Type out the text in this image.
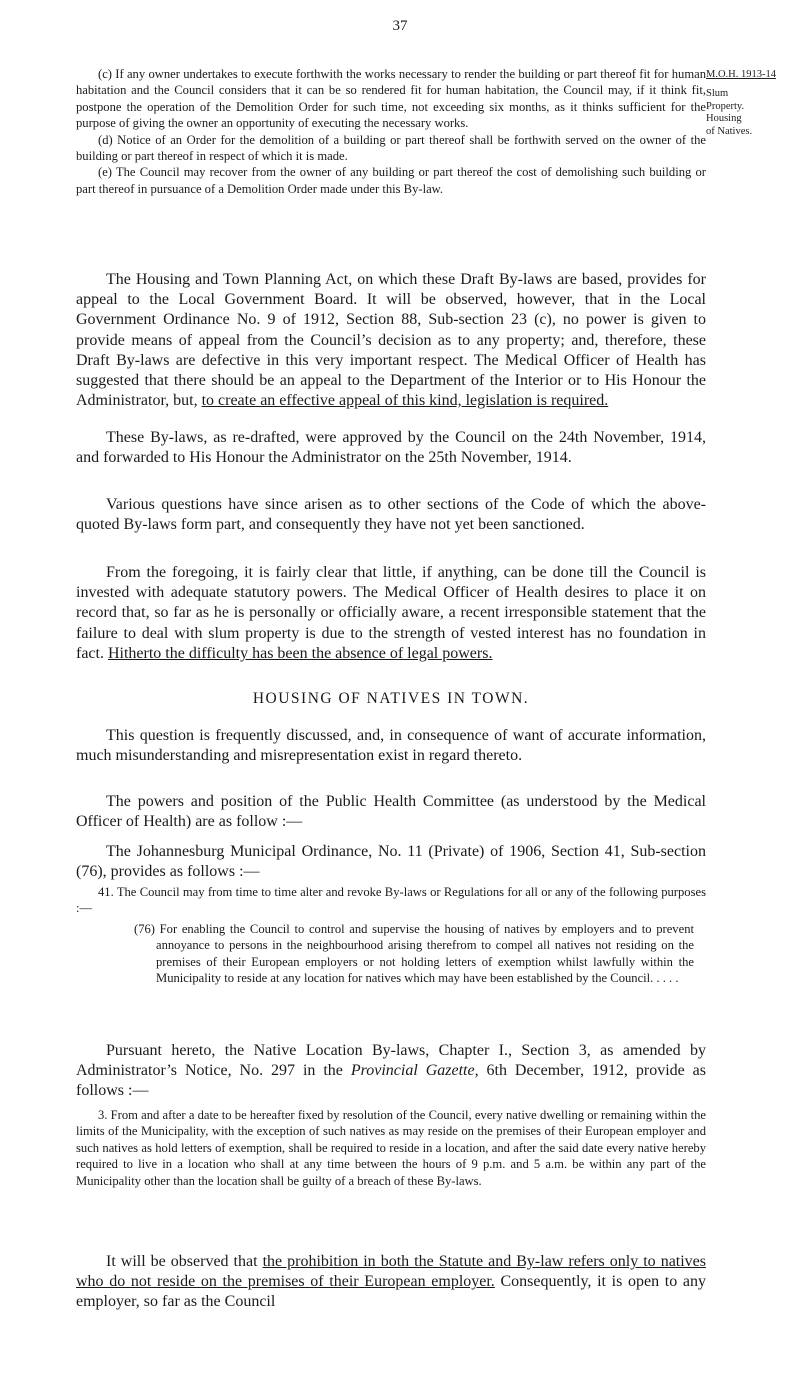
37
M.O.H. 1913-14
Slum
Property.
Housing
of Natives.

(c) If any owner undertakes to execute forthwith the works necessary to render the building or part thereof fit for human habitation and the Council considers that it can be so rendered fit for human habitation, the Council may, if it think fit, postpone the operation of the Demolition Order for such time, not exceeding six months, as it thinks sufficient for the purpose of giving the owner an opportunity of executing the necessary works.

(d) Notice of an Order for the demolition of a building or part thereof shall be forthwith served on the owner of the building or part thereof in respect of which it is made.

(e) The Council may recover from the owner of any building or part thereof the cost of demolishing such building or part thereof in pursuance of a Demolition Order made under this By-law.

The Housing and Town Planning Act, on which these Draft By-laws are based, provides for appeal to the Local Government Board. It will be observed, however, that in the Local Government Ordinance No. 9 of 1912, Section 88, Sub-section 23 (c), no power is given to provide means of appeal from the Council’s decision as to any property; and, therefore, these Draft By-laws are defective in this very important respect. The Medical Officer of Health has suggested that there should be an appeal to the Department of the Interior or to His Honour the Administrator, but, to create an effective appeal of this kind, legislation is required.

These By-laws, as re-drafted, were approved by the Council on the 24th November, 1914, and forwarded to His Honour the Administrator on the 25th November, 1914.

Various questions have since arisen as to other sections of the Code of which the above-quoted By-laws form part, and consequently they have not yet been sanctioned.

From the foregoing, it is fairly clear that little, if anything, can be done till the Council is invested with adequate statutory powers. The Medical Officer of Health desires to place it on record that, so far as he is personally or officially aware, a recent irresponsible statement that the failure to deal with slum property is due to the strength of vested interest has no foundation in fact. Hitherto the difficulty has been the absence of legal powers.

HOUSING OF NATIVES IN TOWN.

This question is frequently discussed, and, in consequence of want of accurate information, much misunderstanding and misrepresentation exist in regard thereto.

The powers and position of the Public Health Committee (as understood by the Medical Officer of Health) are as follow :—

The Johannesburg Municipal Ordinance, No. 11 (Private) of 1906, Section 41, Sub-section (76), provides as follows :—

41. The Council may from time to time alter and revoke By-laws or Regulations for all or any of the following purposes :—

(76) For enabling the Council to control and supervise the housing of natives by employers and to prevent annoyance to persons in the neighbourhood arising therefrom to compel all natives not residing on the premises of their European employers or not holding letters of exemption whilst lawfully within the Municipality to reside at any location for natives which may have been established by the Council. . . . .

Pursuant hereto, the Native Location By-laws, Chapter I., Section 3, as amended by Administrator’s Notice, No. 297 in the Provincial Gazette, 6th December, 1912, provide as follows :—

3. From and after a date to be hereafter fixed by resolution of the Council, every native dwelling or remaining within the limits of the Municipality, with the exception of such natives as may reside on the premises of their European employer and such natives as hold letters of exemption, shall be required to reside in a location, and after the said date every native hereby required to live in a location who shall at any time between the hours of 9 p.m. and 5 a.m. be within any part of the Municipality other than the location shall be guilty of a breach of these By-laws.

It will be observed that the prohibition in both the Statute and By-law refers only to natives who do not reside on the premises of their European employer. Consequently, it is open to any employer, so far as the Council
